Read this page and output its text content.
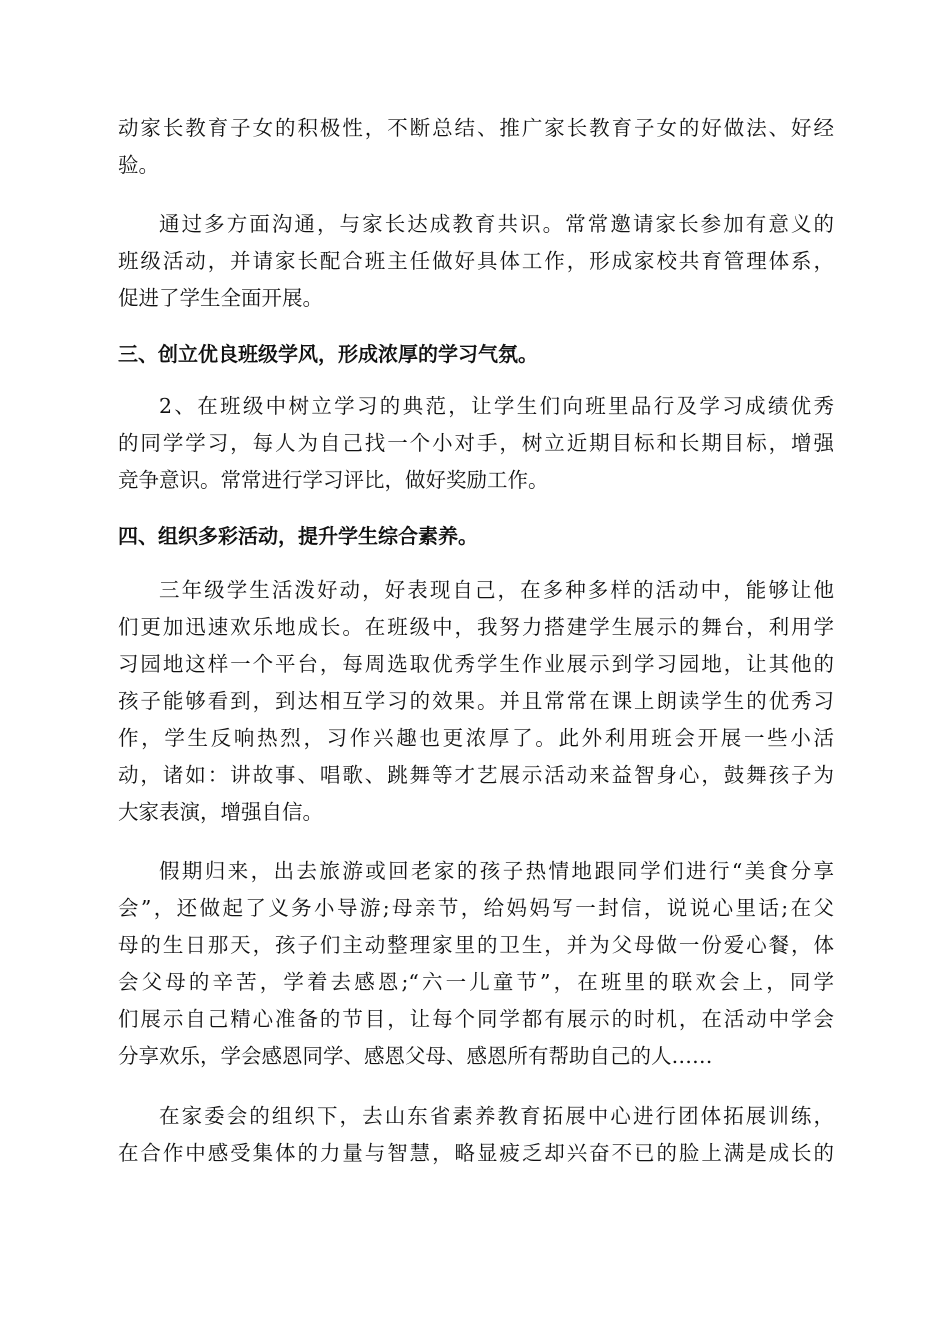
动家长教育子女的积极性，不断总结、推广家长教育子女的好做法、好经
验。
通过多方面沟通，与家长达成教育共识。常常邀请家长参加有意义的
班级活动，并请家长配合班主任做好具体工作，形成家校共育管理体系，
促进了学生全面开展。
三、创立优良班级学风，形成浓厚的学习气氛。
2、在班级中树立学习的典范，让学生们向班里品行及学习成绩优秀
的同学学习，每人为自己找一个小对手，树立近期目标和长期目标，增强
竞争意识。常常进行学习评比，做好奖励工作。
四、组织多彩活动，提升学生综合素养。
三年级学生活泼好动，好表现自己，在多种多样的活动中，能够让他
们更加迅速欢乐地成长。在班级中，我努力搭建学生展示的舞台，利用学
习园地这样一个平台，每周选取优秀学生作业展示到学习园地，让其他的
孩子能够看到，到达相互学习的效果。并且常常在课上朗读学生的优秀习
作，学生反响热烈，习作兴趣也更浓厚了。此外利用班会开展一些小活
动，诸如：讲故事、唱歌、跳舞等才艺展示活动来益智身心，鼓舞孩子为
大家表演，增强自信。
假期归来，出去旅游或回老家的孩子热情地跟同学们进行“美食分享
会”，还做起了义务小导游;母亲节，给妈妈写一封信，说说心里话;在父
母的生日那天，孩子们主动整理家里的卫生，并为父母做一份爱心餐，体
会父母的辛苦，学着去感恩;“六一儿童节”，在班里的联欢会上，同学
们展示自己精心准备的节目，让每个同学都有展示的时机，在活动中学会
分享欢乐，学会感恩同学、感恩父母、感恩所有帮助自己的人……
在家委会的组织下，去山东省素养教育拓展中心进行团体拓展训练，
在合作中感受集体的力量与智慧，略显疲乏却兴奋不已的脸上满是成长的
